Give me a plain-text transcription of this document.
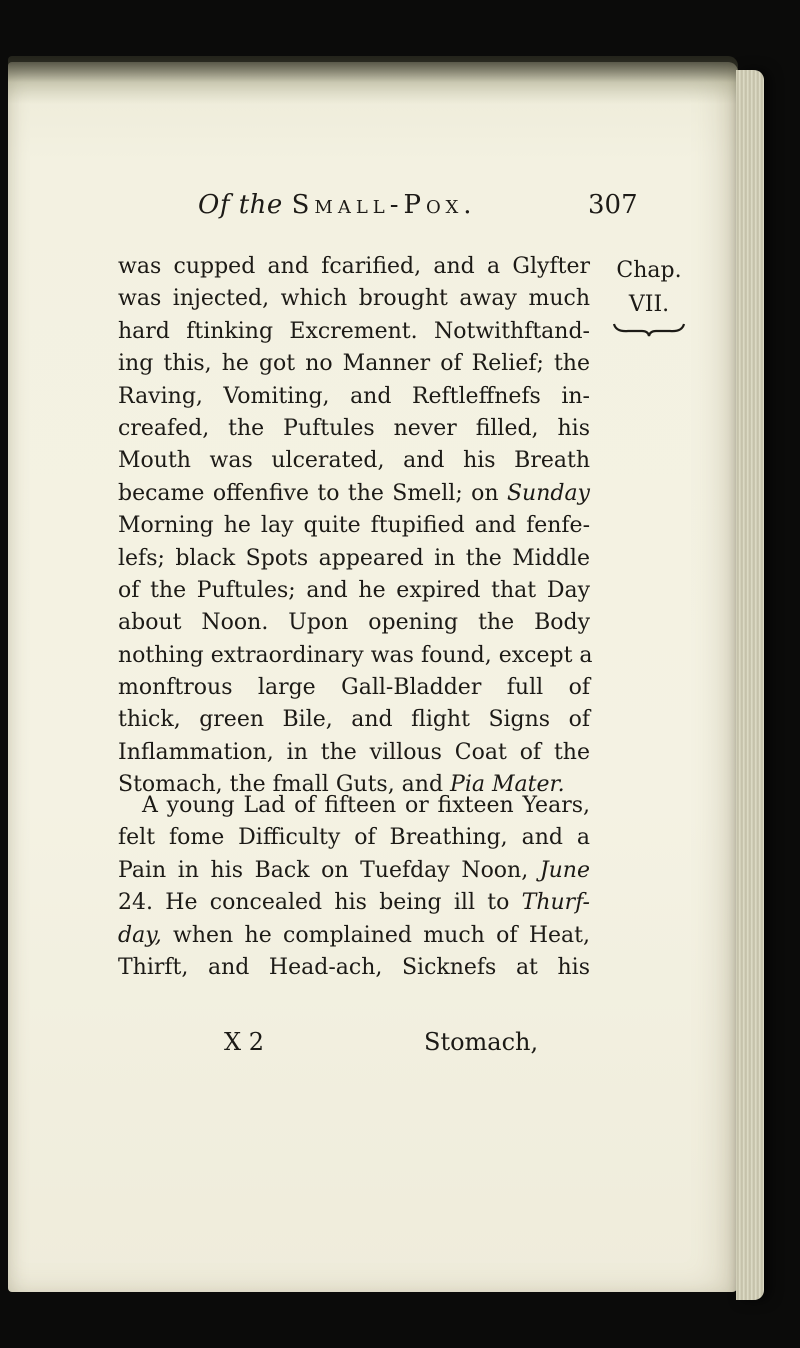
Of the Small-Pox.	307
Chap.
VII.
was cupped and fcarified, and a Glyfter
was injected, which brought away much
hard ftinking Excrement. Notwithftand-
ing this, he got no Manner of Relief; the
Raving, Vomiting, and Reftleffnefs in-
creafed, the Puftules never filled, his
Mouth was ulcerated, and his Breath
became offenfive to the Smell; on Sunday
Morning he lay quite ftupified and fenfe-
lefs; black Spots appeared in the Middle
of the Puftules; and he expired that Day
about Noon. Upon opening the Body
nothing extraordinary was found, except a
monftrous large Gall-Bladder full of
thick, green Bile, and flight Signs of
Inflammation, in the villous Coat of the
Stomach, the fmall Guts, and Pia Mater.
A young Lad of fifteen or fixteen Years,
felt fome Difficulty of Breathing, and a
Pain in his Back on Tuefday Noon, June
24. He concealed his being ill to Thurf-
day, when he complained much of Heat,
Thirft, and Head-ach, Sicknefs at his
X 2	Stomach,
